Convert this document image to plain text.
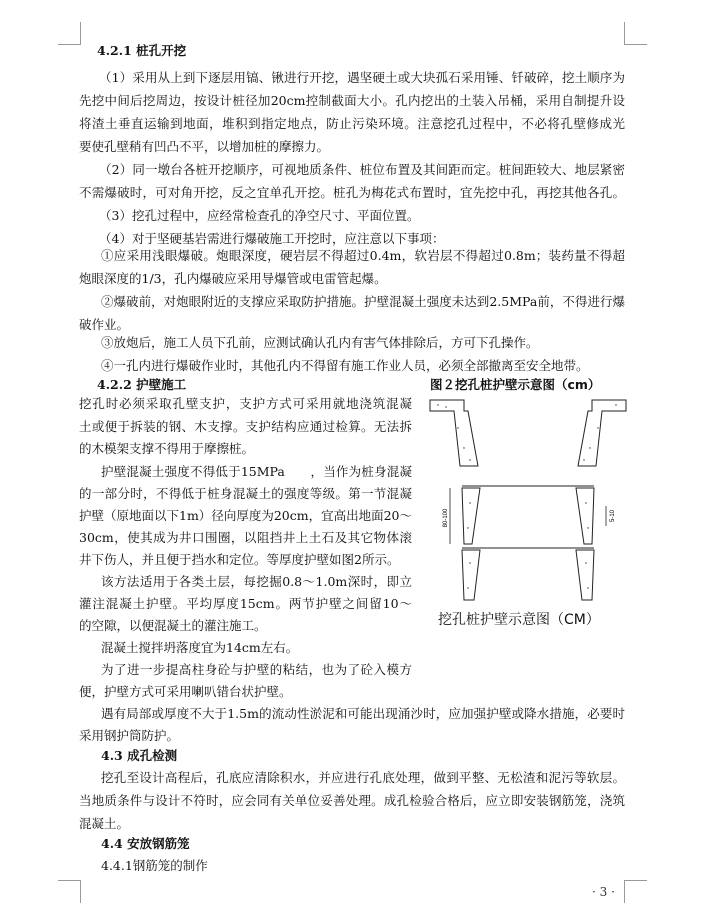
4.2.1 桩孔开挖
（1）采用从上到下逐层用镐、锹进行开挖，遇坚硬土或大块孤石采用锤、钎破碎，挖土顺序为
先挖中间后挖周边，按设计桩径加20cm控制截面大小。孔内挖出的土装入吊桶，采用自制提升设
将渣土垂直运输到地面，堆积到指定地点，防止污染环境。注意挖孔过程中，不必将孔壁修成光
要使孔壁稍有凹凸不平，以增加桩的摩擦力。
（2）同一墩台各桩开挖顺序，可视地质条件、桩位布置及其间距而定。桩间距较大、地层紧密
不需爆破时，可对角开挖，反之宜单孔开挖。桩孔为梅花式布置时，宜先挖中孔，再挖其他各孔。
（3）挖孔过程中，应经常检查孔的净空尺寸、平面位置。
（4）对于坚硬基岩需进行爆破施工开挖时，应注意以下事项：
①应采用浅眼爆破。炮眼深度，硬岩层不得超过0.4m，软岩层不得超过0.8m；装药量不得超
炮眼深度的1/3，孔内爆破应采用导爆管或电雷管起爆。
②爆破前，对炮眼附近的支撑应采取防护措施。护壁混凝土强度未达到2.5MPa前，不得进行爆
破作业。
③放炮后，施工人员下孔前，应测试确认孔内有害气体排除后，方可下孔操作。
④一孔内进行爆破作业时，其他孔内不得留有施工作业人员，必须全部撤离至安全地带。
4.2.2 护壁施工
挖孔时必须采取孔壁支护，支护方式可采用就地浇筑混凝
土或便于拆装的钢、木支撑。支护结构应通过检算。无法拆
的木模架支撑不得用于摩擦桩。
护壁混凝土强度不得低于15MPa　　，当作为桩身混凝
的一部分时，不得低于桩身混凝土的强度等级。第一节混凝
护壁（原地面以下1m）径向厚度为20cm，宜高出地面20～
30cm，使其成为井口围圈，以阻挡井上土石及其它物体滚
井下伤人，并且便于挡水和定位。等厚度护壁如图2所示。
该方法适用于各类土层，每挖掘0.8～1.0m深时，即立
灌注混凝土护壁。平均厚度15cm。两节护壁之间留10～
的空隙，以便混凝土的灌注施工。
混凝土搅拌坍落度宜为14cm左右。
为了进一步提高柱身砼与护壁的粘结，也为了砼入模方
便，护壁方式可采用喇叭错台状护壁。
遇有局部或厚度不大于1.5m的流动性淤泥和可能出现涌沙时，应加强护壁或降水措施，必要时
采用钢护筒防护。
4.3 成孔检测
挖孔至设计高程后，孔底应清除积水，并应进行孔底处理，做到平整、无松渣和泥污等软层。
当地质条件与设计不符时，应会同有关单位妥善处理。成孔检验合格后，应立即安装钢筋笼，浇筑
混凝土。
4.4 安放钢筋笼
4.4.1钢筋笼的制作
图２挖孔桩护壁示意图（cm）
80-100	5-10
挖孔桩护壁示意图（CM）
· 3 ·
